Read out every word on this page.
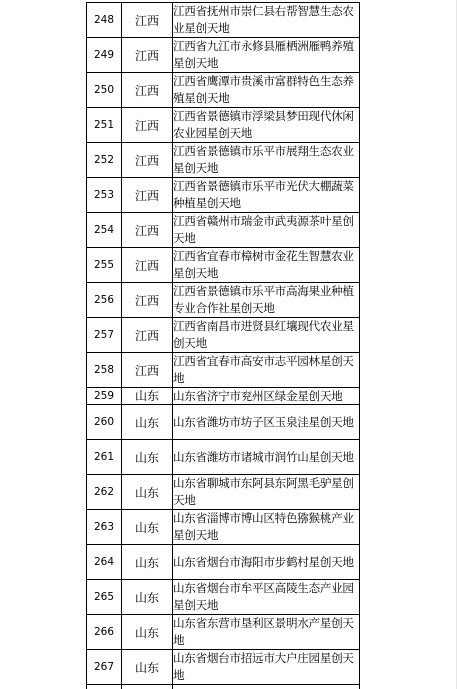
248	江西	江西省抚州市崇仁县右帮智慧生态农业星创天地
249	江西	江西省九江市永修县雁栖洲雁鸭养殖星创天地
250	江西	江西省鹰潭市贵溪市富群特色生态养殖星创天地
251	江西	江西省景德镇市浮梁县梦田现代休闲农业园星创天地
252	江西	江西省景德镇市乐平市展翔生态农业星创天地
253	江西	江西省景德镇市乐平市光伏大棚蔬菜种植星创天地
254	江西	江西省赣州市瑞金市武夷源茶叶星创天地
255	江西	江西省宜春市樟树市金花生智慧农业星创天地
256	江西	江西省景德镇市乐平市高海果业种植专业合作社星创天地
257	江西	江西省南昌市进贤县红壤现代农业星创天地
258	江西	江西省宜春市高安市志平园林星创天地
259	山东	山东省济宁市兖州区绿金星创天地
260	山东	山东省潍坊市坊子区玉泉洼星创天地
261	山东	山东省潍坊市诸城市润竹山星创天地
262	山东	山东省聊城市东阿县东阿黑毛驴星创天地
263	山东	山东省淄博市博山区特色猕猴桃产业星创天地
264	山东	山东省烟台市海阳市步鹤村星创天地
265	山东	山东省烟台市牟平区高陵生态产业园星创天地
266	山东	山东省东营市垦利区景明水产星创天地
267	山东	山东省烟台市招远市大户庄园星创天地
